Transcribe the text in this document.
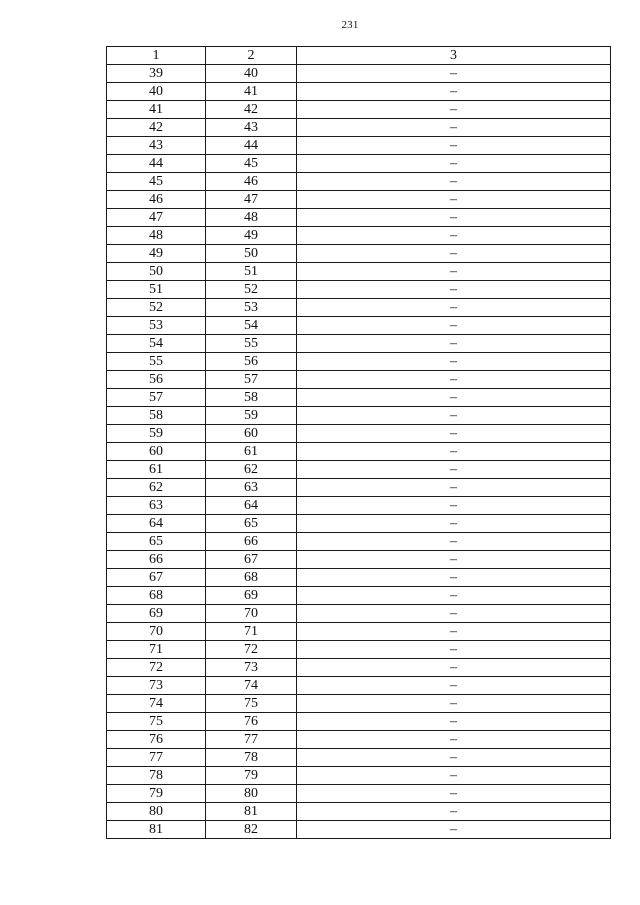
231
1	2	3
39	40	–
40	41	–
41	42	–
42	43	–
43	44	–
44	45	–
45	46	–
46	47	–
47	48	–
48	49	–
49	50	–
50	51	–
51	52	–
52	53	–
53	54	–
54	55	–
55	56	–
56	57	–
57	58	–
58	59	–
59	60	–
60	61	–
61	62	–
62	63	–
63	64	–
64	65	–
65	66	–
66	67	–
67	68	–
68	69	–
69	70	–
70	71	–
71	72	–
72	73	–
73	74	–
74	75	–
75	76	–
76	77	–
77	78	–
78	79	–
79	80	–
80	81	–
81	82	–
